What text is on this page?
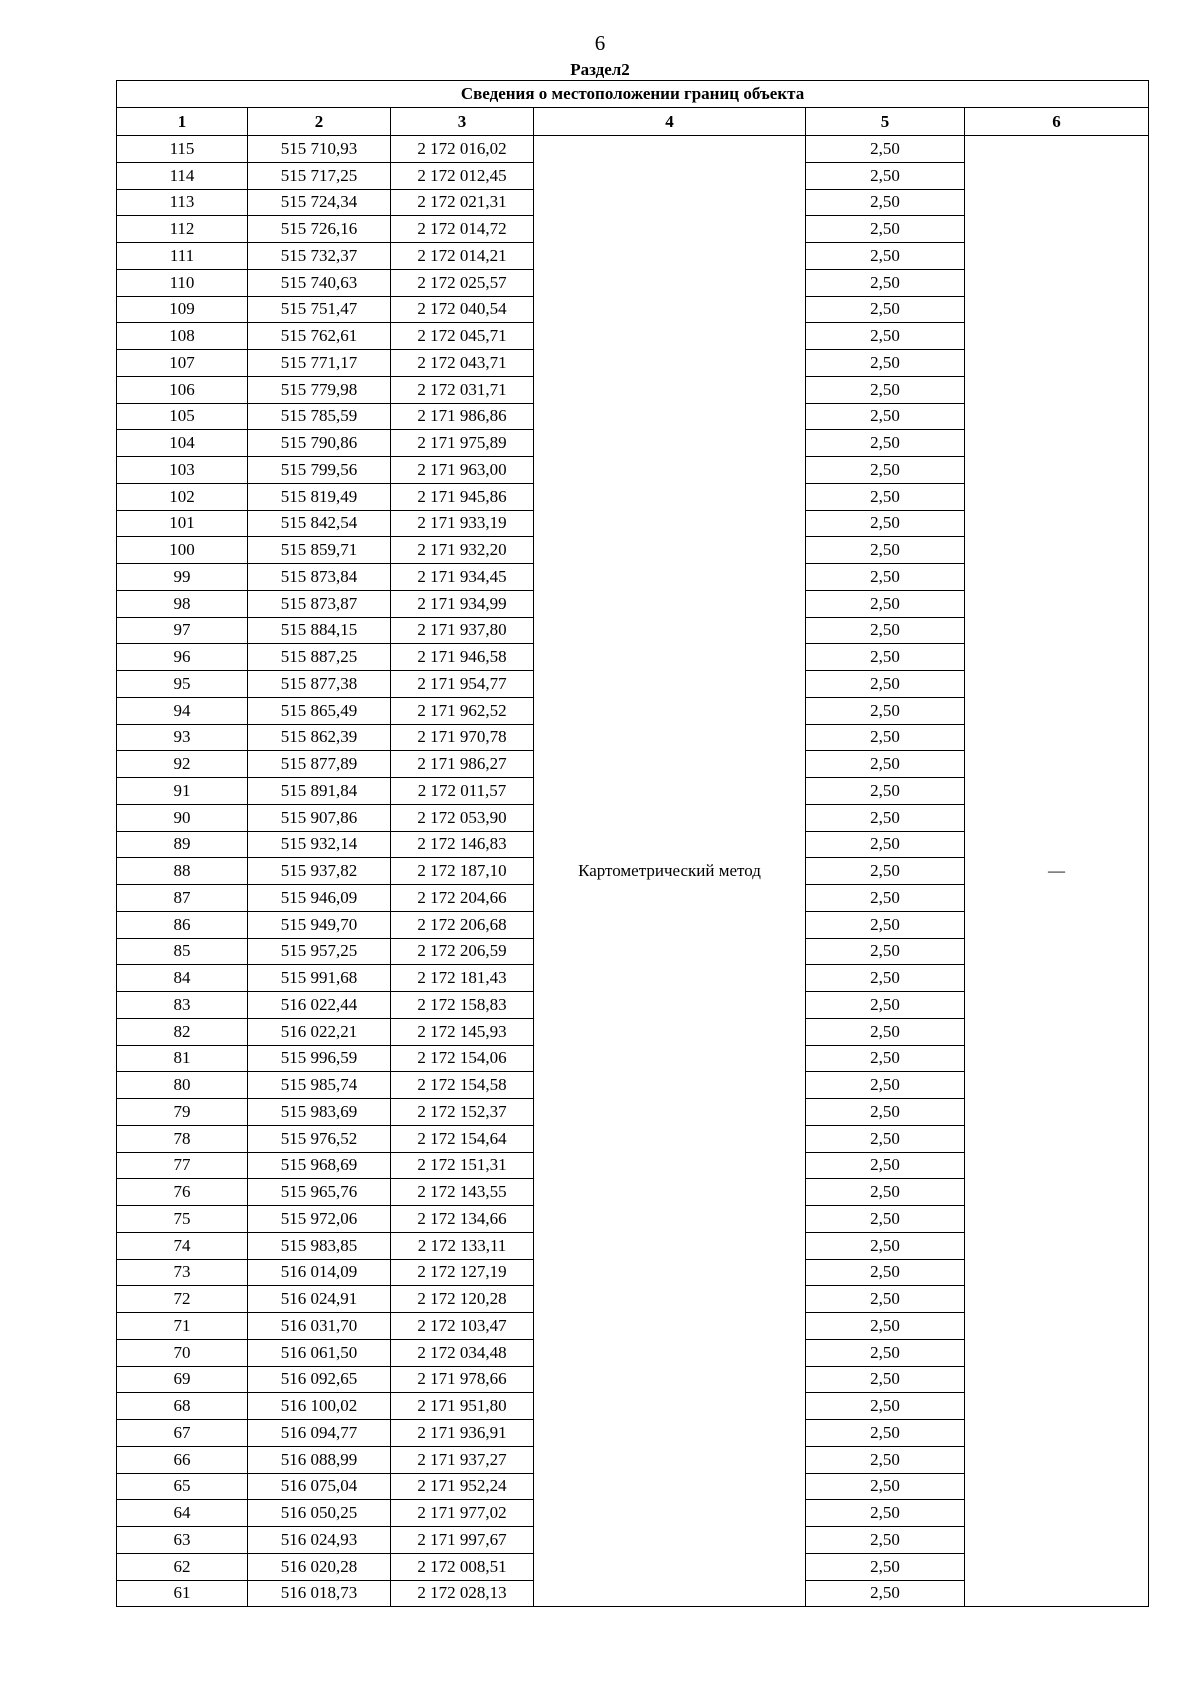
6
Раздел2
Сведения о местоположении границ объекта					
1	2	3	4	5	6
115	515 710,93	2 172 016,02	Картометрический метод	2,50	—
114	515 717,25	2 172 012,45		2,50	
113	515 724,34	2 172 021,31		2,50	
112	515 726,16	2 172 014,72		2,50	
111	515 732,37	2 172 014,21		2,50	
110	515 740,63	2 172 025,57		2,50	
109	515 751,47	2 172 040,54		2,50	
108	515 762,61	2 172 045,71		2,50	
107	515 771,17	2 172 043,71		2,50	
106	515 779,98	2 172 031,71		2,50	
105	515 785,59	2 171 986,86		2,50	
104	515 790,86	2 171 975,89		2,50	
103	515 799,56	2 171 963,00		2,50	
102	515 819,49	2 171 945,86		2,50	
101	515 842,54	2 171 933,19		2,50	
100	515 859,71	2 171 932,20		2,50	
99	515 873,84	2 171 934,45		2,50	
98	515 873,87	2 171 934,99		2,50	
97	515 884,15	2 171 937,80		2,50	
96	515 887,25	2 171 946,58		2,50	
95	515 877,38	2 171 954,77		2,50	
94	515 865,49	2 171 962,52		2,50	
93	515 862,39	2 171 970,78		2,50	
92	515 877,89	2 171 986,27		2,50	
91	515 891,84	2 172 011,57		2,50	
90	515 907,86	2 172 053,90		2,50	
89	515 932,14	2 172 146,83		2,50	
88	515 937,82	2 172 187,10		2,50	
87	515 946,09	2 172 204,66		2,50	
86	515 949,70	2 172 206,68		2,50	
85	515 957,25	2 172 206,59		2,50	
84	515 991,68	2 172 181,43		2,50	
83	516 022,44	2 172 158,83		2,50	
82	516 022,21	2 172 145,93		2,50	
81	515 996,59	2 172 154,06		2,50	
80	515 985,74	2 172 154,58		2,50	
79	515 983,69	2 172 152,37		2,50	
78	515 976,52	2 172 154,64		2,50	
77	515 968,69	2 172 151,31		2,50	
76	515 965,76	2 172 143,55		2,50	
75	515 972,06	2 172 134,66		2,50	
74	515 983,85	2 172 133,11		2,50	
73	516 014,09	2 172 127,19		2,50	
72	516 024,91	2 172 120,28		2,50	
71	516 031,70	2 172 103,47		2,50	
70	516 061,50	2 172 034,48		2,50	
69	516 092,65	2 171 978,66		2,50	
68	516 100,02	2 171 951,80		2,50	
67	516 094,77	2 171 936,91		2,50	
66	516 088,99	2 171 937,27		2,50	
65	516 075,04	2 171 952,24		2,50	
64	516 050,25	2 171 977,02		2,50	
63	516 024,93	2 171 997,67		2,50	
62	516 020,28	2 172 008,51		2,50	
61	516 018,73	2 172 028,13		2,50	
